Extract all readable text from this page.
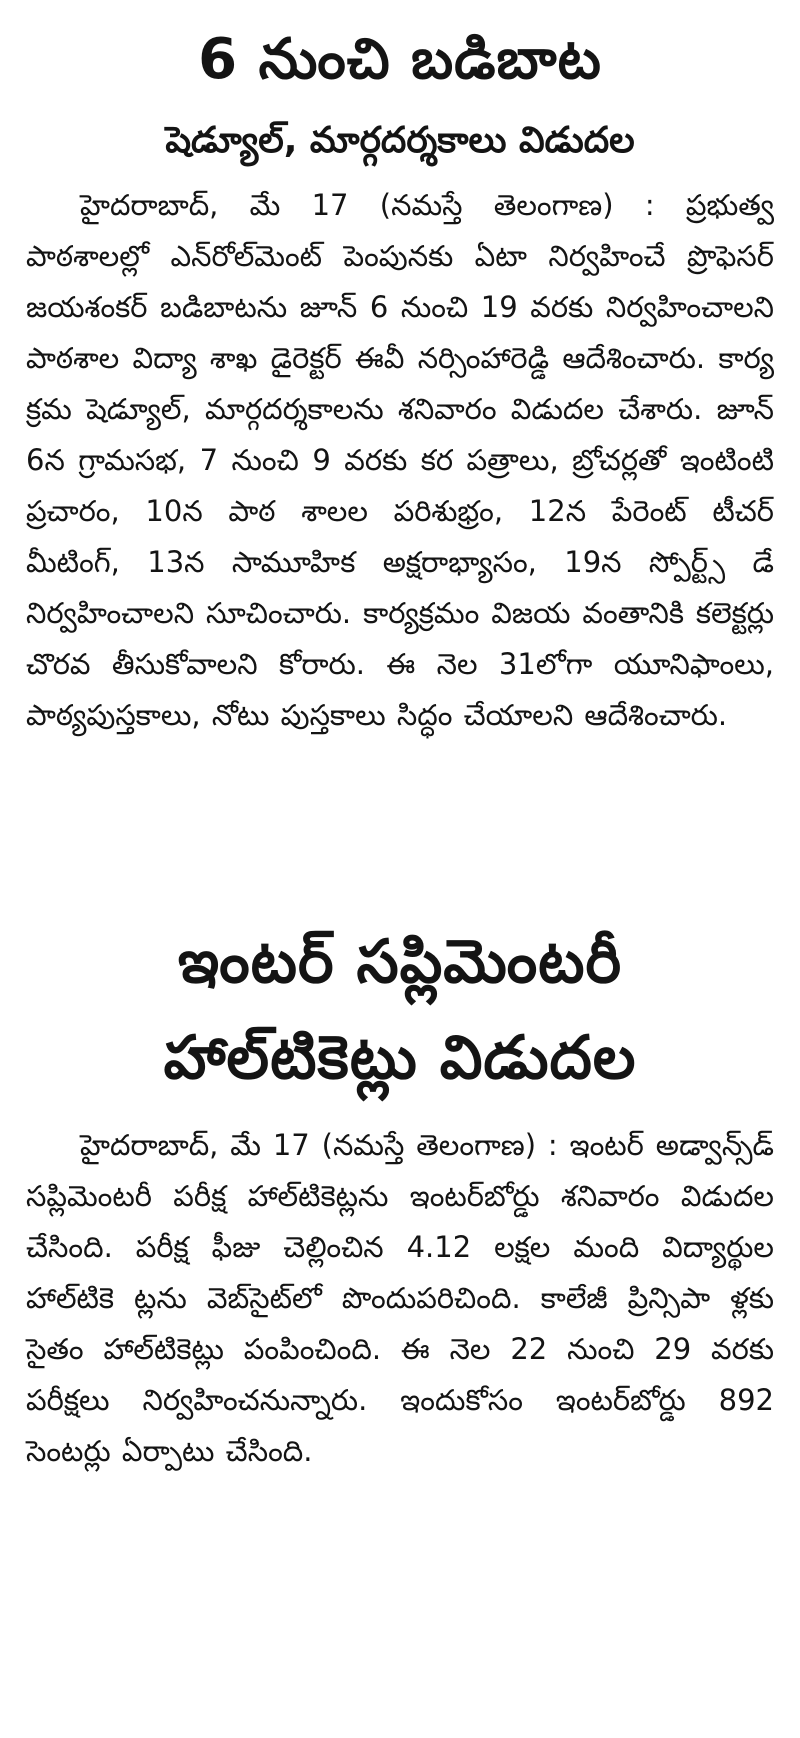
6 నుంచి బడిబాట
షెడ్యూల్‌, మార్గదర్శకాలు విడుదల

హైదరాబాద్‌, మే 17 (నమస్తే తెలంగాణ) : ప్రభుత్వ పాఠశాలల్లో ఎన్‌రోల్‌మెంట్‌ పెంపునకు ఏటా నిర్వహించే ప్రొఫెసర్‌ జయశంకర్‌ బడిబాటను జూన్‌ 6 నుంచి 19 వరకు నిర్వహించాలని పాఠశాల విద్యా శాఖ డైరెక్టర్‌ ఈవీ నర్సింహారెడ్డి ఆదేశించారు. కార్య క్రమ షెడ్యూల్‌, మార్గదర్శకాలను శనివారం విడుదల చేశారు. జూన్‌ 6న గ్రామసభ, 7 నుంచి 9 వరకు కర పత్రాలు, బ్రోచర్లతో ఇంటింటి ప్రచారం, 10న పాఠ శాలల పరిశుభ్రం, 12న పేరెంట్‌ టీచర్‌ మీటింగ్‌, 13న సామూహిక అక్షరాభ్యాసం, 19న స్పోర్ట్స్‌ డే నిర్వహించాలని సూచించారు. కార్యక్రమం విజయ వంతానికి కలెక్టర్లు చొరవ తీసుకోవాలని కోరారు. ఈ నెల 31లోగా యూనిఫాంలు, పాఠ్యపుస్తకాలు, నోటు పుస్తకాలు సిద్ధం చేయాలని ఆదేశించారు.

ఇంటర్‌ సప్లిమెంటరీ
హాల్‌టికెట్లు విడుదల

హైదరాబాద్‌, మే 17 (నమస్తే తెలంగాణ) : ఇంటర్‌ అడ్వాన్స్‌డ్‌ సప్లిమెంటరీ పరీక్ష హాల్‌టికెట్లను ఇంటర్‌బోర్డు శనివారం విడుదల చేసింది. పరీక్ష ఫీజు చెల్లించిన 4.12 లక్షల మంది విద్యార్థుల హాల్‌టికె ట్లను వెబ్‌సైట్‌లో పొందుపరిచింది. కాలేజీ ప్రిన్సిపా ళ్లకు సైతం హాల్‌టికెట్లు పంపించింది. ఈ నెల 22 నుంచి 29 వరకు పరీక్షలు నిర్వహించనున్నారు. ఇందుకోసం ఇంటర్‌బోర్డు 892 సెంటర్లు ఏర్పాటు చేసింది.
